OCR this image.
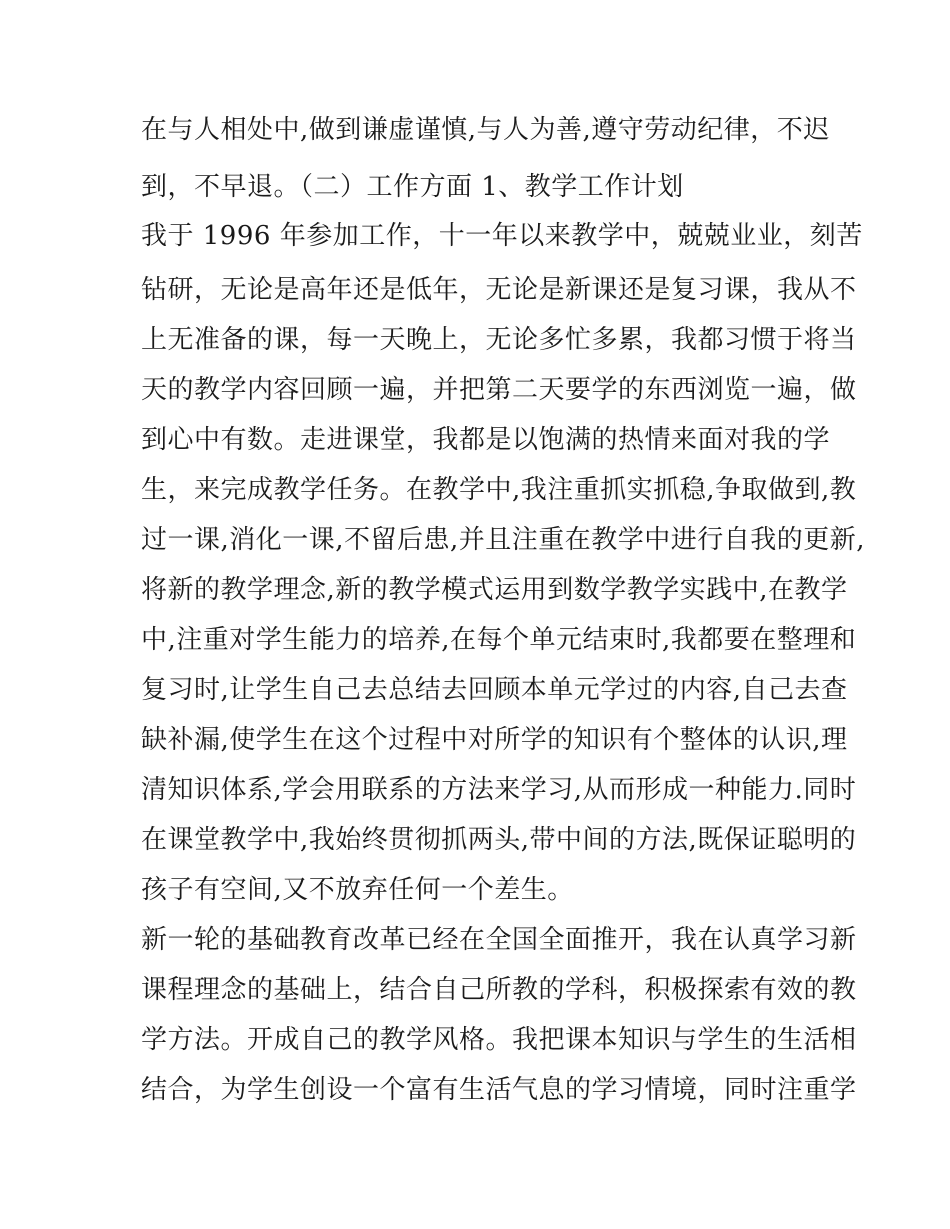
在与人相处中,做到谦虚谨慎,与人为善,遵守劳动纪律，不迟
到，不早退。（二）工作方面 1、教学工作计划
我于 1996 年参加工作，十一年以来教学中，兢兢业业，刻苦
钻研，无论是高年还是低年，无论是新课还是复习课，我从不
上无准备的课，每一天晚上，无论多忙多累，我都习惯于将当
天的教学内容回顾一遍，并把第二天要学的东西浏览一遍，做
到心中有数。走进课堂，我都是以饱满的热情来面对我的学
生，来完成教学任务。在教学中,我注重抓实抓稳,争取做到,教
过一课,消化一课,不留后患,并且注重在教学中进行自我的更新,
将新的教学理念,新的教学模式运用到数学教学实践中,在教学
中,注重对学生能力的培养,在每个单元结束时,我都要在整理和
复习时,让学生自己去总结去回顾本单元学过的内容,自己去查
缺补漏,使学生在这个过程中对所学的知识有个整体的认识,理
清知识体系,学会用联系的方法来学习,从而形成一种能力.同时
在课堂教学中,我始终贯彻抓两头,带中间的方法,既保证聪明的
孩子有空间,又不放弃任何一个差生。
新一轮的基础教育改革已经在全国全面推开，我在认真学习新
课程理念的基础上，结合自己所教的学科，积极探索有效的教
学方法。开成自己的教学风格。我把课本知识与学生的生活相
结合，为学生创设一个富有生活气息的学习情境，同时注重学
